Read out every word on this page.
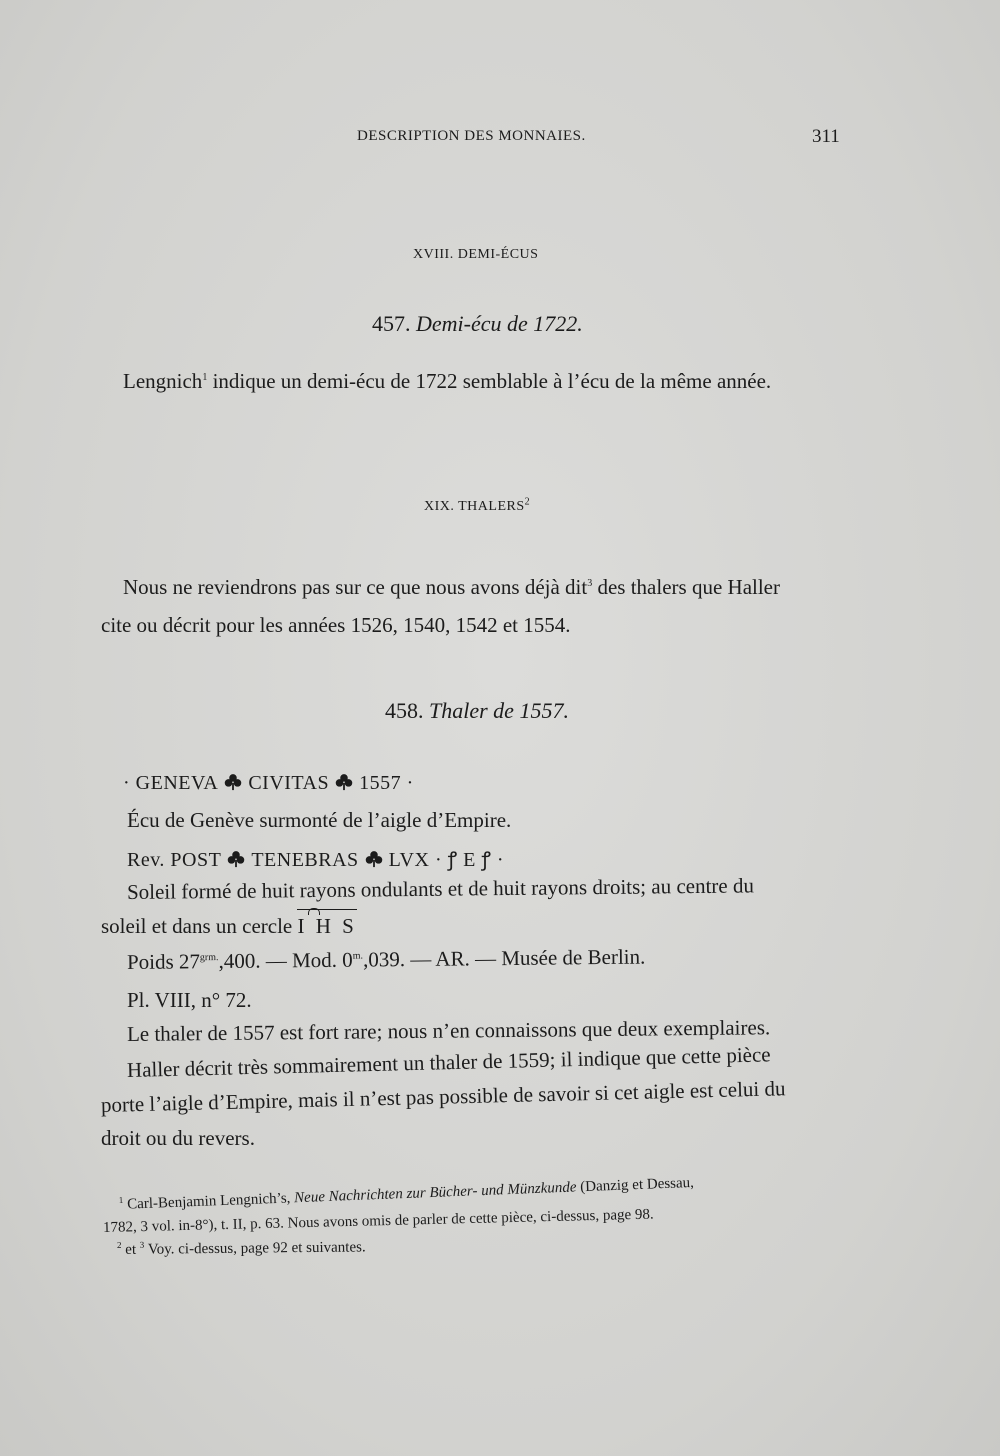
DESCRIPTION DES MONNAIES.	311
XVIII. DEMI-ÉCUS
457. Demi-écu de 1722.
Lengnich$^1$ indique un demi-écu de 1722 semblable à l’écu de la même année.
XIX. THALERS$^2$
Nous ne reviendrons pas sur ce que nous avons déjà dit$^3$ des thalers que Haller
cite ou décrit pour les années 1526, 1540, 1542 et 1554.
458. Thaler de 1557.
· GENEVA CIVITAS 1557 ·
Écu de Genève surmonté de l’aigle d’Empire.
Rev. POST TENEBRAS LVX · ꝭ E ꝭ ·
Soleil formé de huit rayons ondulants et de huit rayons droits; au centre du
soleil et dans un cercle I H S
Poids $27^{grm.},400$. — Mod. $0^{m.},039$. — AR. — Musée de Berlin.
Pl. VIII, n° 72.
Le thaler de 1557 est fort rare; nous n’en connaissons que deux exemplaires.
Haller décrit très sommairement un thaler de 1559; il indique que cette pièce
porte l’aigle d’Empire, mais il n’est pas possible de savoir si cet aigle est celui du
droit ou du revers.
$^1$ Carl-Benjamin Lengnich’s, Neue Nachrichten zur Bücher- und Münzkunde (Danzig et Dessau,
1782, 3 vol. in-8°), t. II, p. 63. Nous avons omis de parler de cette pièce, ci-dessus, page 98.
$^2$ et $^3$ Voy. ci-dessus, page 92 et suivantes.
